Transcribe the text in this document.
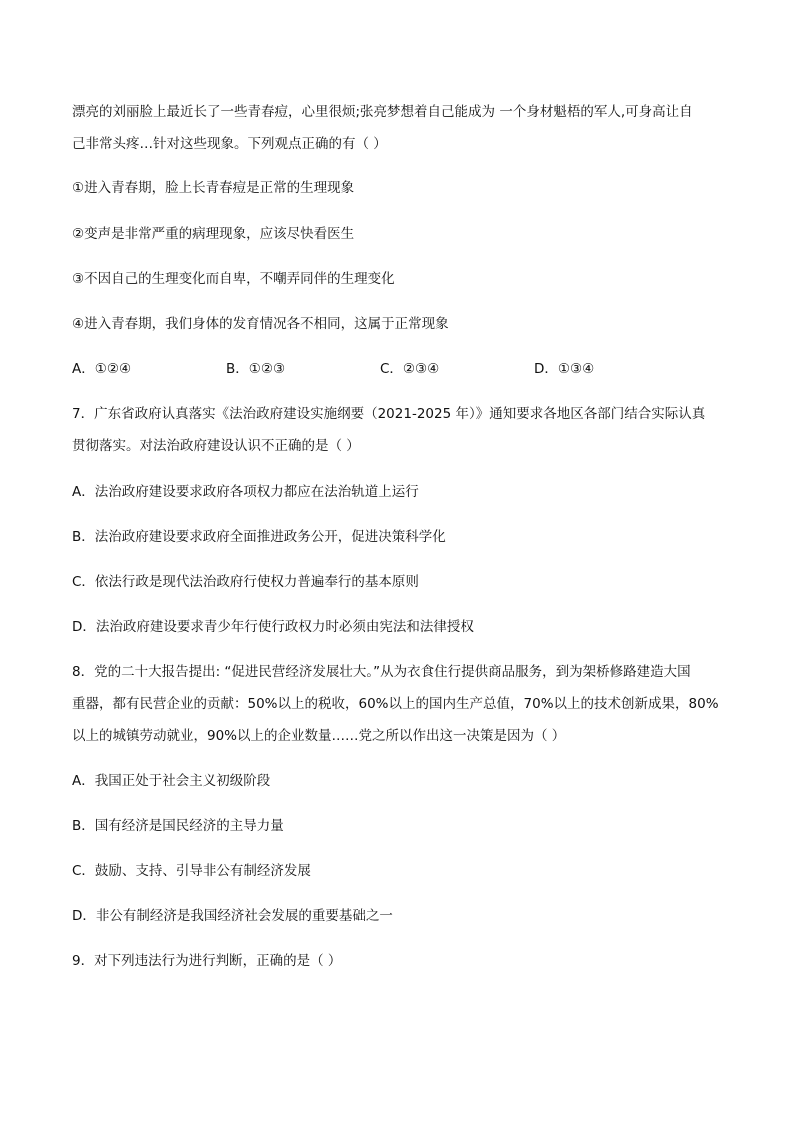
漂亮的刘丽脸上最近长了一些青春痘，心里很烦;张亮梦想着自己能成为 一个身材魁梧的军人,可身高让自
己非常头疼…针对这些现象。下列观点正确的有（ ）
①进入青春期，脸上长青春痘是正常的生理现象
②变声是非常严重的病理现象，应该尽快看医生
③不因自己的生理变化而自卑，不嘲弄同伴的生理变化
④进入青春期，我们身体的发育情况各不相同，这属于正常现象
A．①②④	B．①②③	C．②③④	D．①③④
7．广东省政府认真落实《法治政府建设实施纲要（2021-2025 年）》通知要求各地区各部门结合实际认真
贯彻落实。对法治政府建设认识不正确的是（ ）
A．法治政府建设要求政府各项权力都应在法治轨道上运行
B．法治政府建设要求政府全面推进政务公开，促进决策科学化
C．依法行政是现代法治政府行使权力普遍奉行的基本原则
D．法治政府建设要求青少年行使行政权力时必须由宪法和法律授权
8．党的二十大报告提出: “促进民营经济发展壮大。”从为衣食住行提供商品服务，到为架桥修路建造大国
重器，都有民营企业的贡献：50%以上的税收，60%以上的国内生产总值，70%以上的技术创新成果，80%
以上的城镇劳动就业，90%以上的企业数量……党之所以作出这一决策是因为（ ）
A．我国正处于社会主义初级阶段
B．国有经济是国民经济的主导力量
C．鼓励、支持、引导非公有制经济发展
D．非公有制经济是我国经济社会发展的重要基础之一
9．对下列违法行为进行判断，正确的是（ ）
